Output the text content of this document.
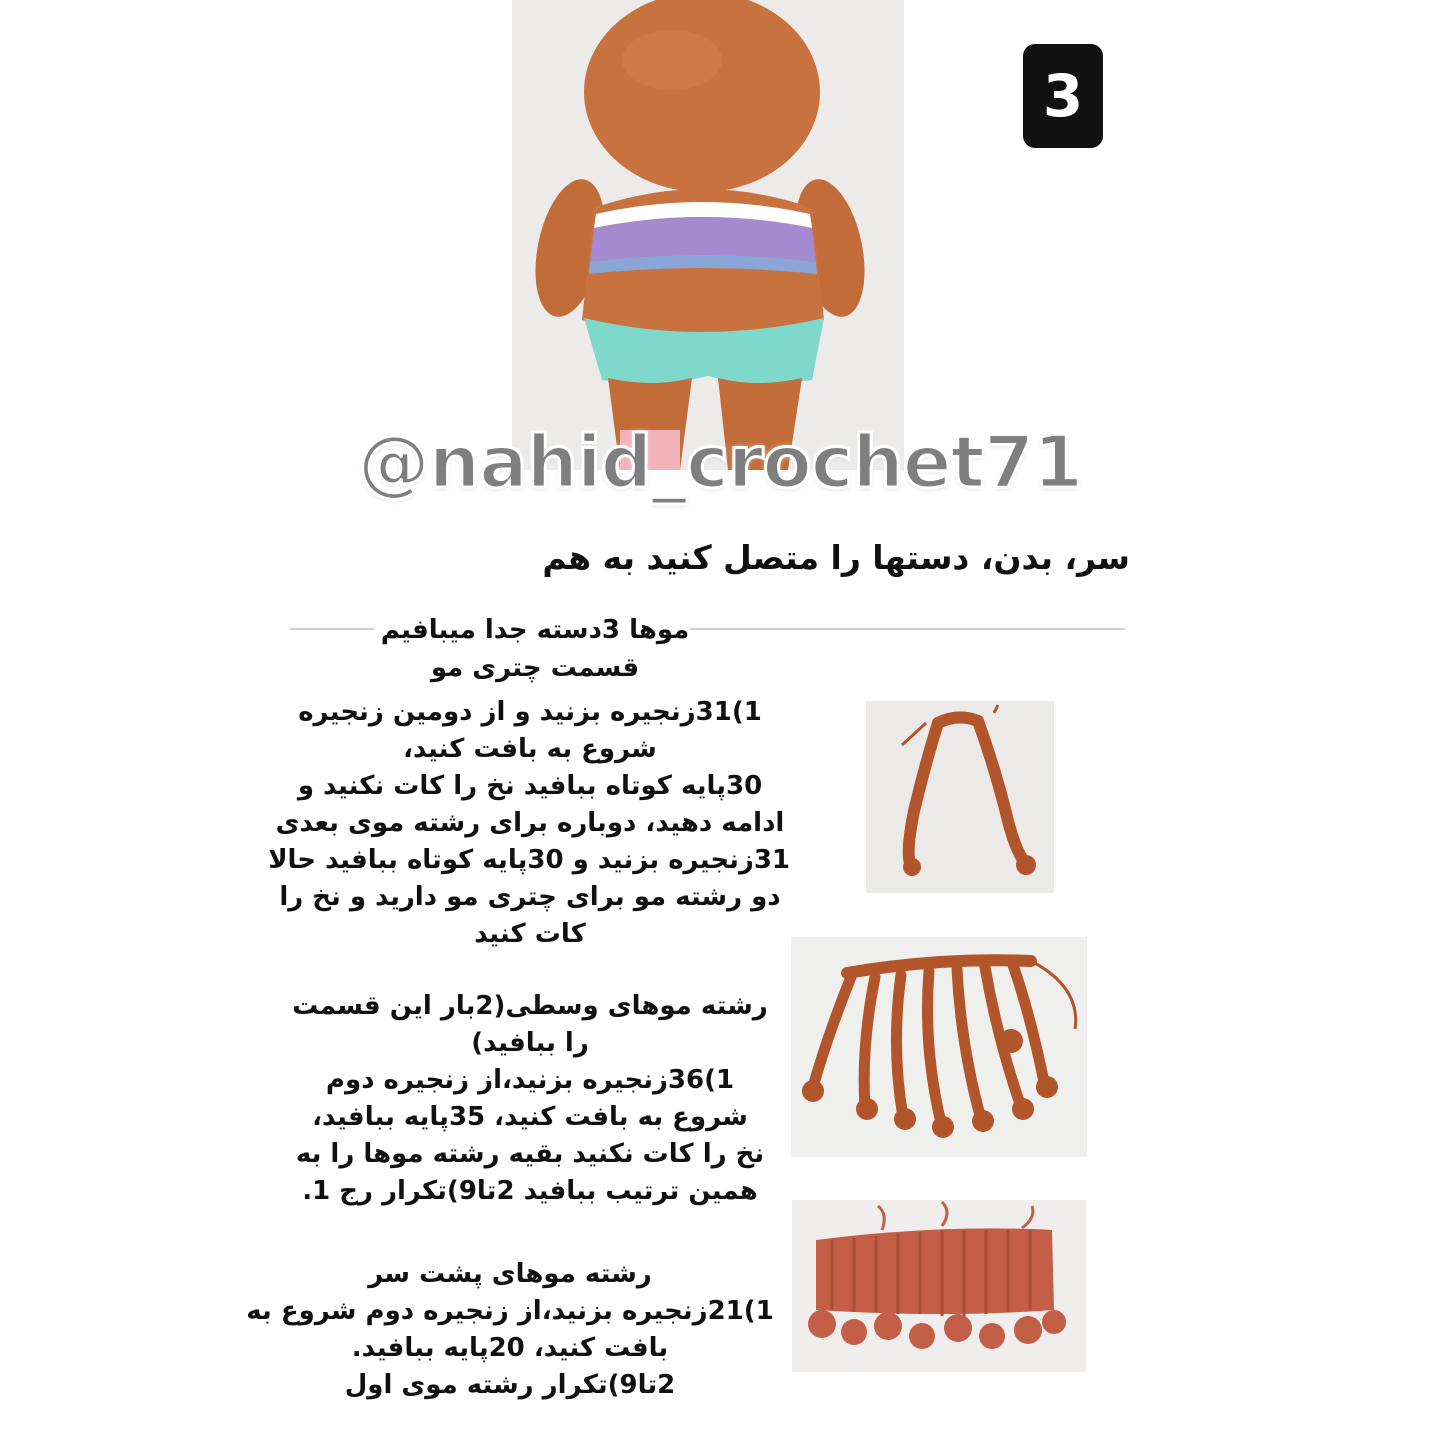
3
@nahid_crochet71
سر، بدن، دستها را متصل کنید به هم
موها 3دسته جدا میبافیم
قسمت چتری مو
1)31زنجیره بزنید و از دومین زنجیره
شروع به بافت کنید،
30پایه کوتاه ببافید نخ را کات نکنید و
ادامه دهید، دوباره برای رشته موی بعدی
31زنجیره بزنید و 30پایه کوتاه ببافید حالا
دو رشته مو برای چتری مو دارید و نخ را
کات کنید
رشته موهای وسطی(2بار این قسمت
را ببافید)
1)36زنجیره بزنید،از زنجیره دوم
شروع به بافت کنید، 35پایه ببافید،
نخ را کات نکنید بقیه رشته موها را به
همین ترتیب ببافید 2تا9)تکرار رج 1.
رشته موهای پشت سر
1)21زنجیره بزنید،از زنجیره دوم شروع به
بافت کنید، 20پایه ببافید.
2تا9)تکرار رشته موی اول
